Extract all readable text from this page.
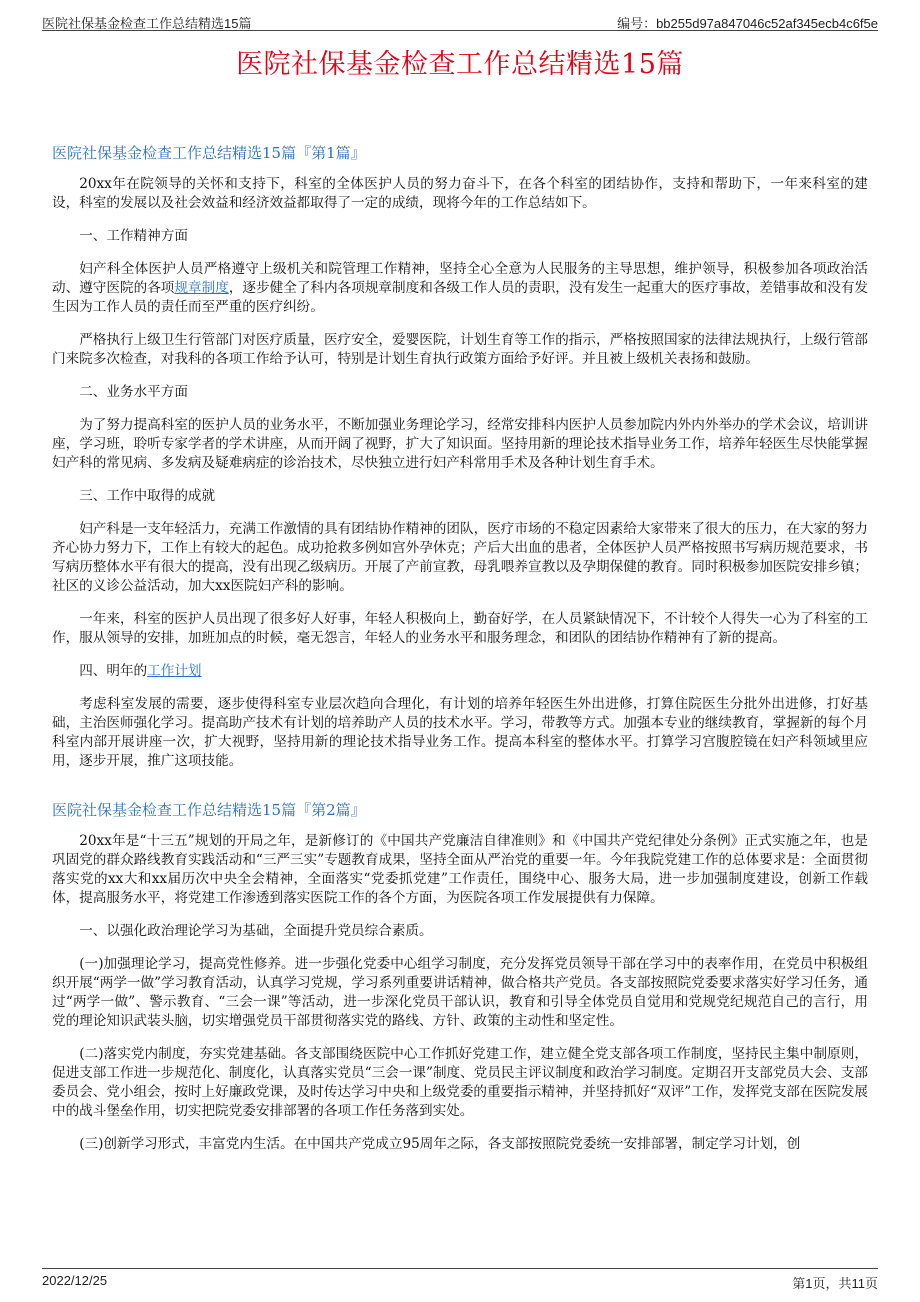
医院社保基金检查工作总结精选15篇	编号：bb255d97a847046c52af345ecb4c6f5e
医院社保基金检查工作总结精选15篇
医院社保基金检查工作总结精选15篇『第1篇』

20xx年在院领导的关怀和支持下，科室的全体医护人员的努力奋斗下，在各个科室的团结协作，支持和帮助下，一年来科室的建设，科室的发展以及社会效益和经济效益都取得了一定的成绩，现将今年的工作总结如下。

一、工作精神方面

妇产科全体医护人员严格遵守上级机关和院管理工作精神，坚持全心全意为人民服务的主导思想，维护领导，积极参加各项政治活动、遵守医院的各项规章制度，逐步健全了科内各项规章制度和各级工作人员的责职，没有发生一起重大的医疗事故，差错事故和没有发生因为工作人员的责任而至严重的医疗纠纷。

严格执行上级卫生行管部门对医疗质量，医疗安全，爱婴医院，计划生育等工作的指示，严格按照国家的法律法规执行，上级行管部门来院多次检查，对我科的各项工作给予认可，特别是计划生育执行政策方面给予好评。并且被上级机关表扬和鼓励。

二、业务水平方面

为了努力提高科室的医护人员的业务水平，不断加强业务理论学习，经常安排科内医护人员参加院内外内外举办的学术会议，培训讲座，学习班，聆听专家学者的学术讲座，从而开阔了视野，扩大了知识面。坚持用新的理论技术指导业务工作，培养年轻医生尽快能掌握妇产科的常见病、多发病及疑难病症的诊治技术，尽快独立进行妇产科常用手术及各种计划生育手术。

三、工作中取得的成就

妇产科是一支年轻活力，充满工作激情的具有团结协作精神的团队，医疗市场的不稳定因素给大家带来了很大的压力，在大家的努力齐心协力努力下，工作上有较大的起色。成功抢救多例如宫外孕休克；产后大出血的患者，全体医护人员严格按照书写病历规范要求，书写病历整体水平有很大的提高，没有出现乙级病历。开展了产前宣教，母乳喂养宣教以及孕期保健的教育。同时积极参加医院安排乡镇；社区的义诊公益活动，加大xx医院妇产科的影响。

一年来，科室的医护人员出现了很多好人好事，年轻人积极向上，勤奋好学，在人员紧缺情况下，不计较个人得失一心为了科室的工作，服从领导的安排，加班加点的时候，毫无怨言，年轻人的业务水平和服务理念，和团队的团结协作精神有了新的提高。

四、明年的工作计划

考虑科室发展的需要，逐步使得科室专业层次趋向合理化，有计划的培养年轻医生外出进修，打算住院医生分批外出进修，打好基础，主治医师强化学习。提高助产技术有计划的培养助产人员的技术水平。学习，带教等方式。加强本专业的继续教育，掌握新的每个月科室内部开展讲座一次，扩大视野，坚持用新的理论技术指导业务工作。提高本科室的整体水平。打算学习宫腹腔镜在妇产科领域里应用，逐步开展，推广这项技能。

医院社保基金检查工作总结精选15篇『第2篇』

20xx年是“十三五”规划的开局之年，是新修订的《中国共产党廉洁自律准则》和《中国共产党纪律处分条例》正式实施之年，也是巩固党的群众路线教育实践活动和“三严三实”专题教育成果，坚持全面从严治党的重要一年。今年我院党建工作的总体要求是：全面贯彻落实党的xx大和xx届历次中央全会精神，全面落实“党委抓党建”工作责任，围绕中心、服务大局，进一步加强制度建设，创新工作载体，提高服务水平，将党建工作渗透到落实医院工作的各个方面，为医院各项工作发展提供有力保障。

一、以强化政治理论学习为基础，全面提升党员综合素质。

(一)加强理论学习，提高党性修养。进一步强化党委中心组学习制度，充分发挥党员领导干部在学习中的表率作用，在党员中积极组织开展“两学一做”学习教育活动，认真学习党规，学习系列重要讲话精神，做合格共产党员。各支部按照院党委要求落实好学习任务，通过“两学一做”、警示教育、“三会一课”等活动，进一步深化党员干部认识，教育和引导全体党员自觉用和党规党纪规范自己的言行，用党的理论知识武装头脑，切实增强党员干部贯彻落实党的路线、方针、政策的主动性和坚定性。

(二)落实党内制度，夯实党建基础。各支部围绕医院中心工作抓好党建工作，建立健全党支部各项工作制度，坚持民主集中制原则，促进支部工作进一步规范化、制度化，认真落实党员“三会一课”制度、党员民主评议制度和政治学习制度。定期召开支部党员大会、支部委员会、党小组会，按时上好廉政党课，及时传达学习中央和上级党委的重要指示精神，并坚持抓好“双评”工作，发挥党支部在医院发展中的战斗堡垒作用，切实把院党委安排部署的各项工作任务落到实处。

(三)创新学习形式，丰富党内生活。在中国共产党成立95周年之际，各支部按照院党委统一安排部署，制定学习计划，创

2022/12/25	第1页，共11页
